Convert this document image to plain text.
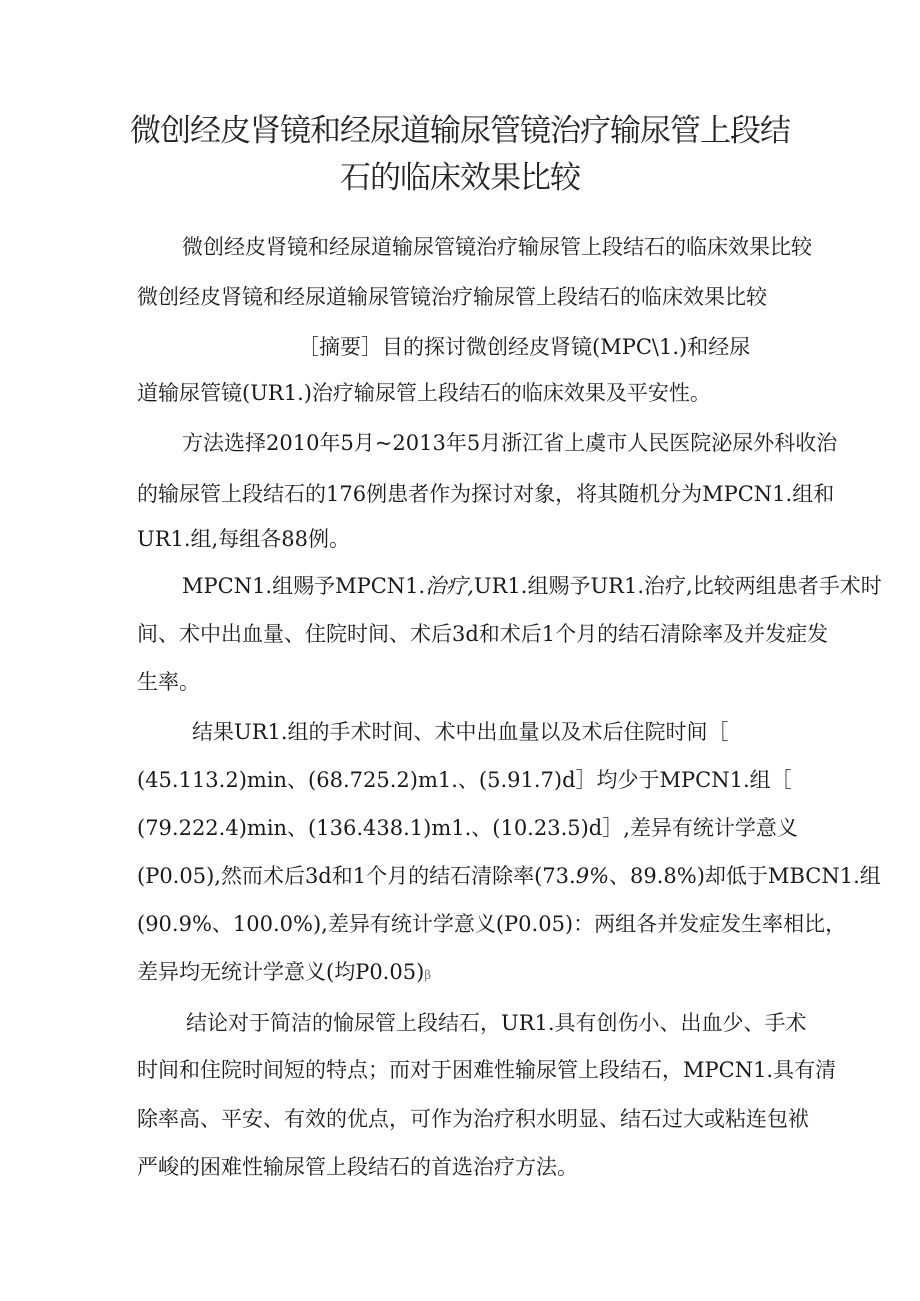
微创经皮肾镜和经尿道输尿管镜治疗输尿管上段结
石的临床效果比较
微创经皮肾镜和经尿道输尿管镜治疗输尿管上段结石的临床效果比较
微创经皮肾镜和经尿道输尿管镜治疗输尿管上段结石的临床效果比较
［摘要］目的探讨微创经皮肾镜(MPC\1.)和经尿
道输尿管镜(UR1.)治疗输尿管上段结石的临床效果及平安性。
方法选择2010年5月~2013年5月浙江省上虞市人民医院泌尿外科收治
的输尿管上段结石的176例患者作为探讨对象，将其随机分为MPCN1.组和
UR1.组,每组各88例。
MPCN1.组赐予MPCN1.治疗,UR1.组赐予UR1.治疗,比较两组患者手术时
间、术中出血量、住院时间、术后3d和术后1个月的结石清除率及并发症发
生率。
结果UR1.组的手术时间、术中出血量以及术后住院时间［
(45.113.2)min、(68.725.2)m1.、(5.91.7)d］均少于MPCN1.组［
(79.222.4)min、(136.438.1)m1.、(10.23.5)d］,差异有统计学意义
(P0.05),然而术后3d和1个月的结石清除率(73.9%、89.8%)却低于MBCN1.组
(90.9%、100.0%),差异有统计学意义(P0.05)：两组各并发症发生率相比，
差异均无统计学意义(均P0.05)β
结论对于简洁的愉尿管上段结石，UR1.具有创伤小、出血少、手术
时间和住院时间短的特点；而对于困难性输尿管上段结石，MPCN1.具有清
除率高、平安、有效的优点，可作为治疗积水明显、结石过大或粘连包袱
严峻的困难性输尿管上段结石的首选治疗方法。
